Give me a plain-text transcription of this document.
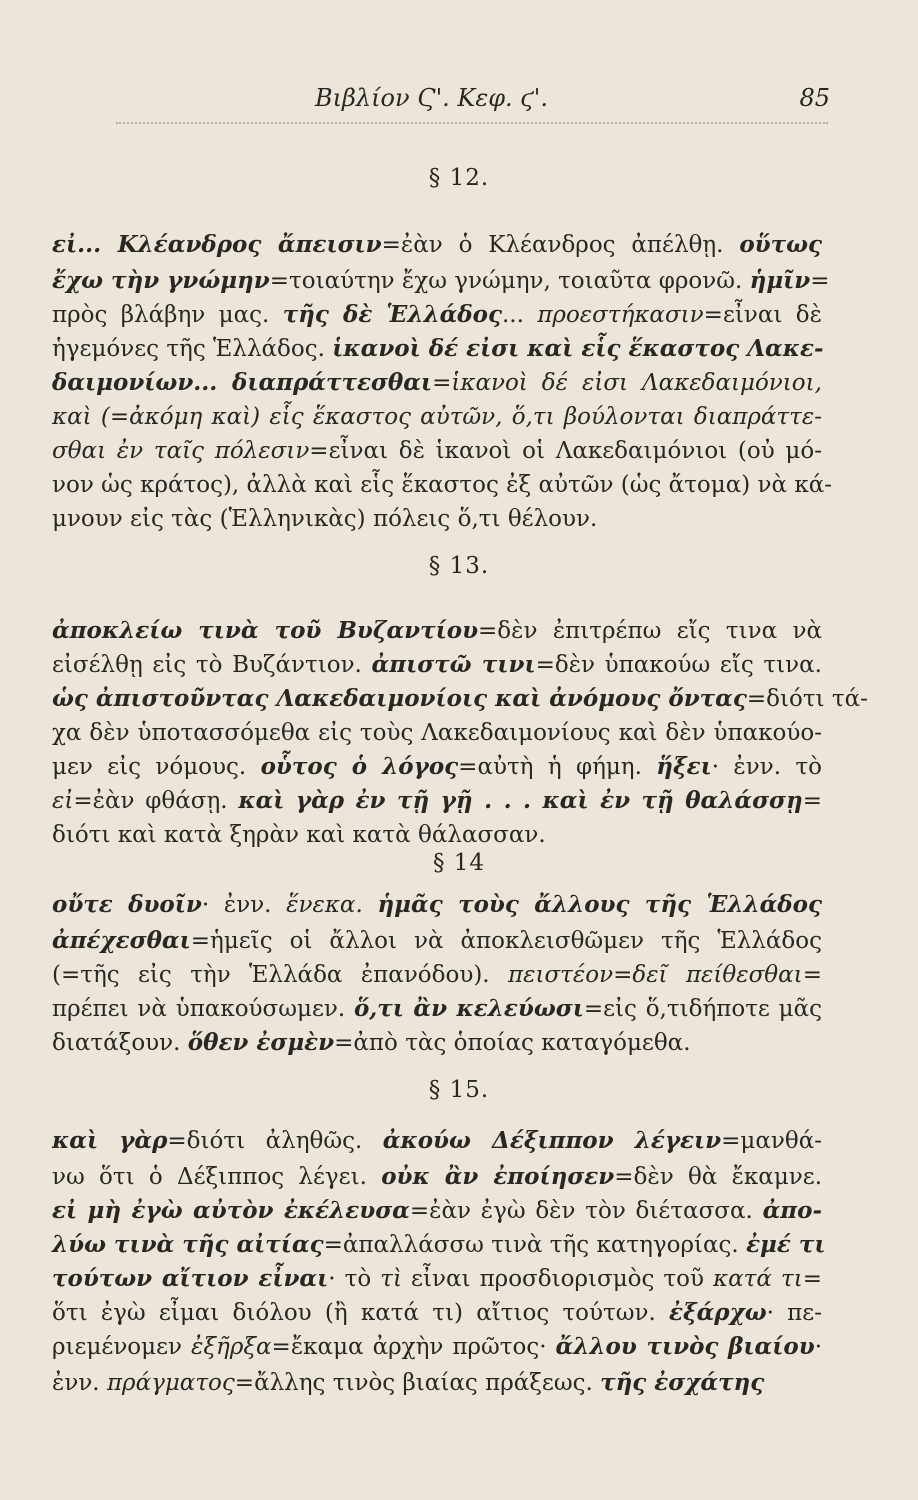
Βιβλίον Ϛ'. Κεφ. ϛ'.	85
§ 12.
εἰ... Κλέανδρος ἄπεισιν=ἐὰν ὁ Κλέανδρος ἀπέλθῃ. οὕτως
ἔχω τὴν γνώμην=τοιαύτην ἔχω γνώμην, τοιαῦτα φρονῶ. ἡμῖν=
πρὸς βλάβην μας. τῆς δὲ Ἑλλάδος... προεστήκασιν=εἶναι δὲ
ἡγεμόνες τῆς Ἑλλάδος. ἱκανοὶ δέ εἰσι καὶ εἷς ἕκαστος Λακε-
δαιμονίων... διαπράττεσθαι=ἱκανοὶ δέ εἰσι Λακεδαιμόνιοι,
καὶ (=ἀκόμη καὶ) εἷς ἕκαστος αὐτῶν, ὅ,τι βούλονται διαπράττε-
σθαι ἐν ταῖς πόλεσιν=εἶναι δὲ ἱκανοὶ οἱ Λακεδαιμόνιοι (οὐ μό-
νον ὡς κράτος), ἀλλὰ καὶ εἷς ἕκαστος ἐξ αὐτῶν (ὡς ἄτομα) νὰ κά-
μνουν εἰς τὰς (Ἑλληνικὰς) πόλεις ὅ,τι θέλουν.
§ 13.
ἀποκλείω τινὰ τοῦ Βυζαντίου=δὲν ἐπιτρέπω εἴς τινα νὰ
εἰσέλθῃ εἰς τὸ Βυζάντιον. ἀπιστῶ τινι=δὲν ὑπακούω εἴς τινα.
ὡς ἀπιστοῦντας Λακεδαιμονίοις καὶ ἀνόμους ὄντας=διότι τά-
χα δὲν ὑποτασσόμεθα εἰς τοὺς Λακεδαιμονίους καὶ δὲν ὑπακούο-
μεν εἰς νόμους. οὗτος ὁ λόγος=αὐτὴ ἡ φήμη. ἥξει· ἐνν. τὸ
εἰ=ἐὰν φθάσῃ. καὶ γὰρ ἐν τῇ γῇ . . . καὶ ἐν τῇ θαλάσσῃ=
διότι καὶ κατὰ ξηρὰν καὶ κατὰ θάλασσαν.
§ 14
οὔτε δυοῖν· ἐνν. ἕνεκα. ἡμᾶς τοὺς ἄλλους τῆς Ἑλλάδος
ἀπέχεσθαι=ἡμεῖς οἱ ἄλλοι νὰ ἀποκλεισθῶμεν τῆς Ἑλλάδος
(=τῆς εἰς τὴν Ἑλλάδα ἐπανόδου). πειστέον=δεῖ πείθεσθαι=
πρέπει νὰ ὑπακούσωμεν. ὅ,τι ἂν κελεύωσι=εἰς ὅ,τιδήποτε μᾶς
διατάξουν. ὅθεν ἐσμὲν=ἀπὸ τὰς ὁποίας καταγόμεθα.
§ 15.
καὶ γὰρ=διότι ἀληθῶς. ἀκούω Δέξιππον λέγειν=μανθά-
νω ὅτι ὁ Δέξιππος λέγει. οὐκ ἂν ἐποίησεν=δὲν θὰ ἔκαμνε.
εἰ μὴ ἐγὼ αὐτὸν ἐκέλευσα=ἐὰν ἐγὼ δὲν τὸν διέτασσα. ἀπο-
λύω τινὰ τῆς αἰτίας=ἀπαλλάσσω τινὰ τῆς κατηγορίας. ἐμέ τι
τούτων αἴτιον εἶναι· τὸ τὶ εἶναι προσδιορισμὸς τοῦ κατά τι=
ὅτι ἐγὼ εἶμαι διόλου (ἢ κατά τι) αἴτιος τούτων. ἐξάρχω· πε-
ριεμένομεν ἐξῆρξα=ἔκαμα ἀρχὴν πρῶτος· ἄλλου τινὸς βιαίου·
ἐνν. πράγματος=ἄλλης τινὸς βιαίας πράξεως. τῆς ἐσχάτης
